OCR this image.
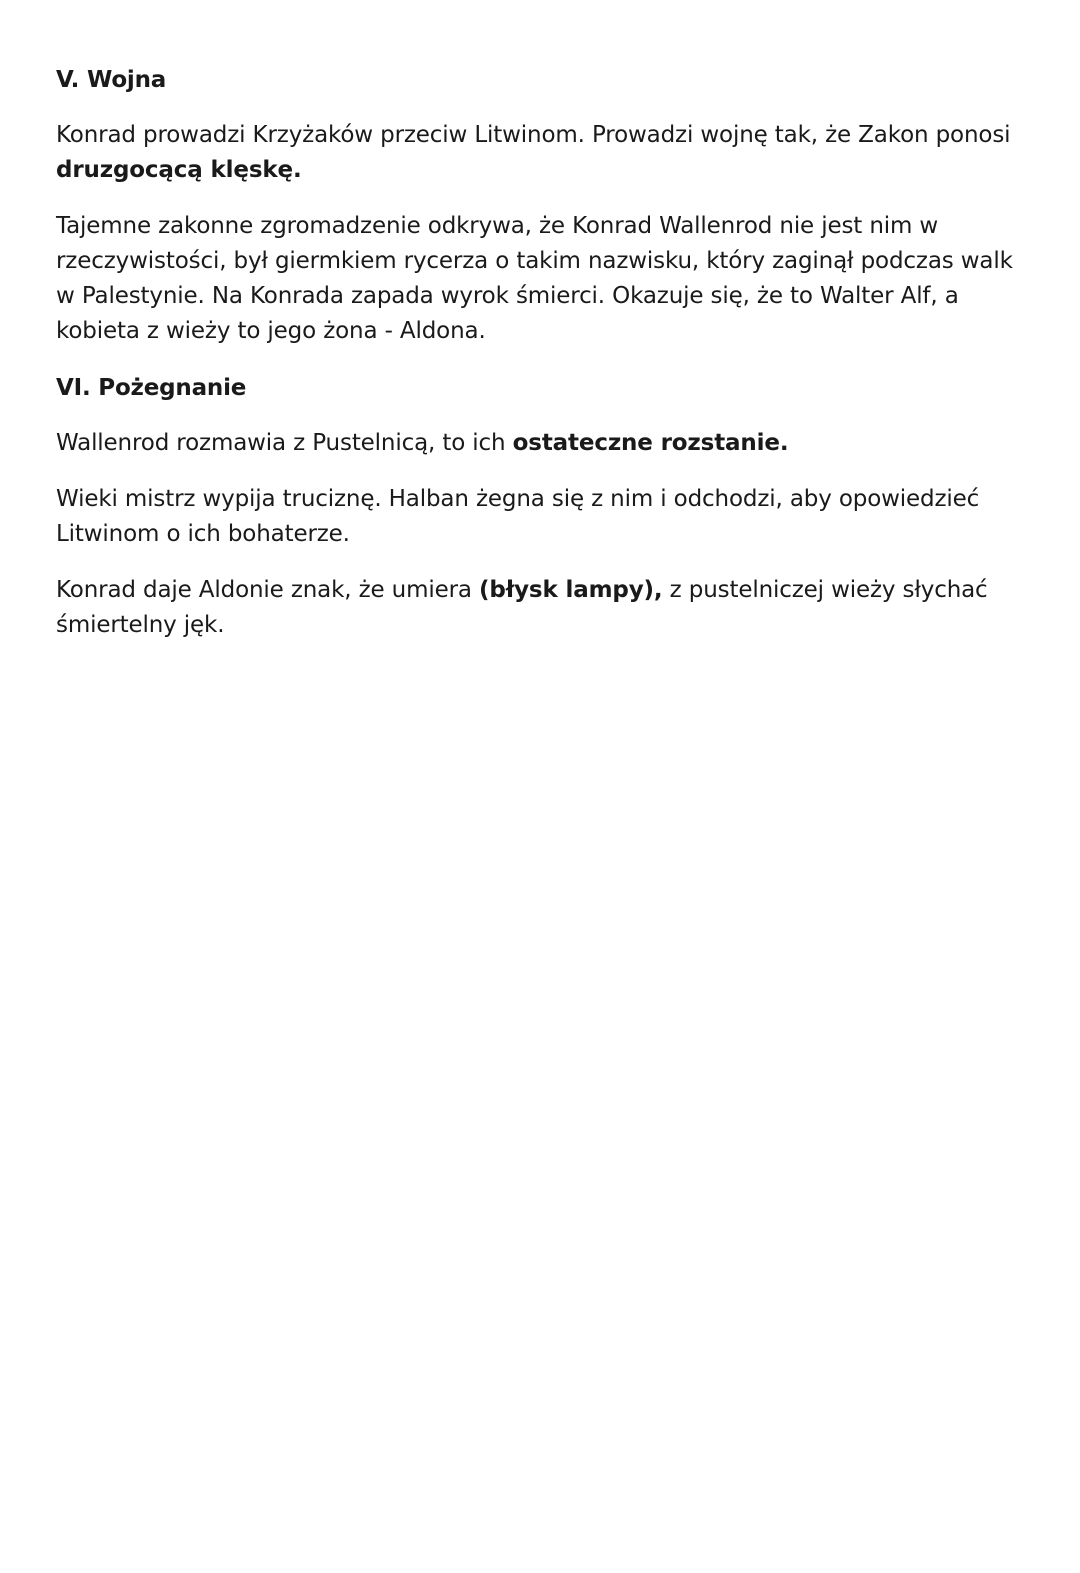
V. Wojna

Konrad prowadzi Krzyżaków przeciw Litwinom. Prowadzi wojnę tak, że Zakon ponosi druzgocącą klęskę.

Tajemne zakonne zgromadzenie odkrywa, że Konrad Wallenrod nie jest nim w rzeczywistości, był giermkiem rycerza o takim nazwisku, który zaginął podczas walk w Palestynie. Na Konrada zapada wyrok śmierci. Okazuje się, że to Walter Alf, a kobieta z wieży to jego żona - Aldona.

VI. Pożegnanie

Wallenrod rozmawia z Pustelnicą, to ich ostateczne rozstanie.

Wieki mistrz wypija truciznę. Halban żegna się z nim i odchodzi, aby opowiedzieć Litwinom o ich bohaterze.

Konrad daje Aldonie znak, że umiera (błysk lampy), z pustelniczej wieży słychać śmiertelny jęk.
